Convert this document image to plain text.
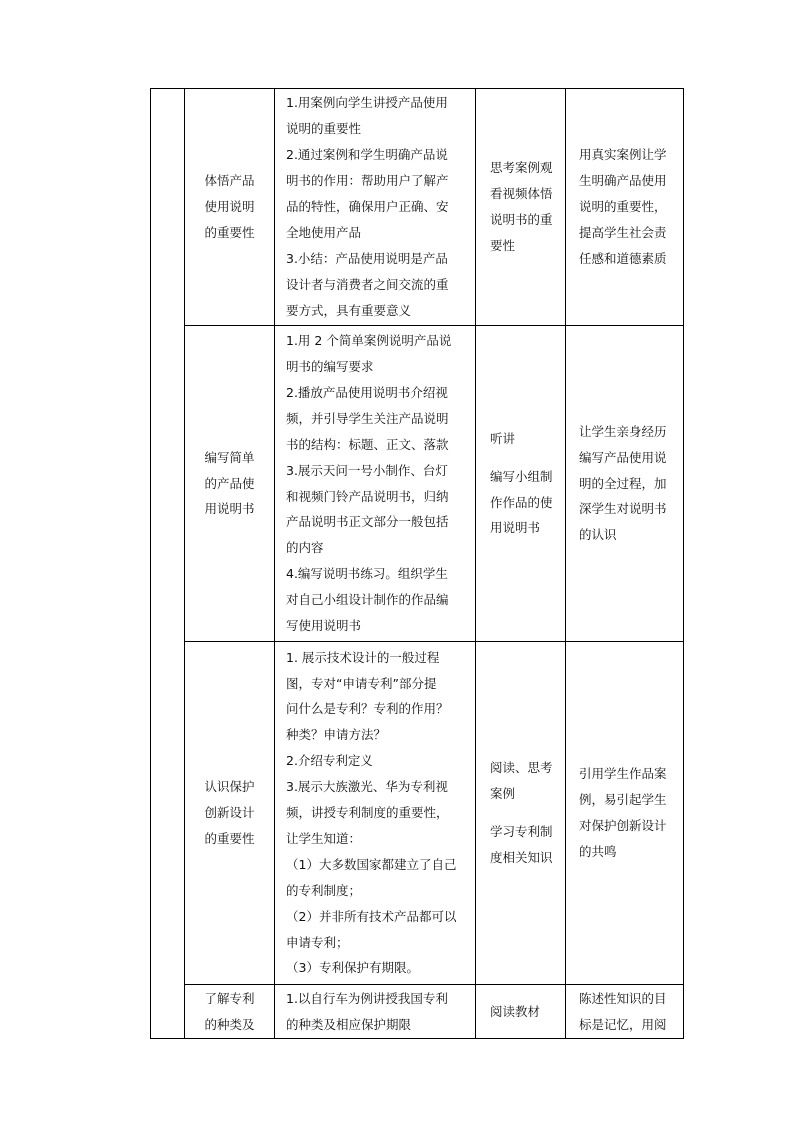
体悟产品
使用说明
的重要性

1.用案例向学生讲授产品使用
说明的重要性

2.通过案例和学生明确产品说
明书的作用：帮助用户了解产
品的特性，确保用户正确、安
全地使用产品

3.小结：产品使用说明是产品
设计者与消费者之间交流的重
要方式，具有重要意义

思考案例观
看视频体悟
说明书的重
要性

用真实案例让学
生明确产品使用
说明的重要性，
提高学生社会责
任感和道德素质

编写简单
的产品使
用说明书

1.用 2 个简单案例说明产品说
明书的编写要求

2.播放产品使用说明书介绍视
频，并引导学生关注产品说明
书的结构：标题、正文、落款

3.展示天问一号小制作、台灯
和视频门铃产品说明书，归纳
产品说明书正文部分一般包括
的内容

4.编写说明书练习。组织学生
对自己小组设计制作的作品编
写使用说明书

听讲

编写小组制
作作品的使
用说明书

让学生亲身经历
编写产品使用说
明的全过程，加
深学生对说明书
的认识

认识保护
创新设计
的重要性

1. 展示技术设计的一般过程
图，专对“申请专利”部分提
问什么是专利？专利的作用？
种类？申请方法？

2.介绍专利定义

3.展示大族激光、华为专利视
频，讲授专利制度的重要性，
让学生知道：

（1）大多数国家都建立了自己
的专利制度；

（2）并非所有技术产品都可以
申请专利；

（3）专利保护有期限。

阅读、思考
案例

学习专利制
度相关知识

引用学生作品案
例，易引起学生
对保护创新设计
的共鸣

了解专利
的种类及

1.以自行车为例讲授我国专利
的种类及相应保护期限

阅读教材

陈述性知识的目
标是记忆，用阅
